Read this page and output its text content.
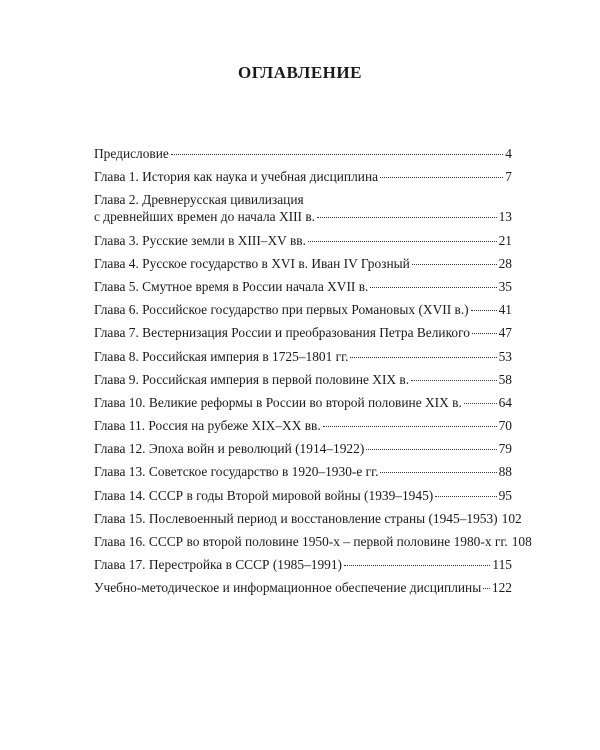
ОГЛАВЛЕНИЕ
Предисловие	4
Глава 1. История как наука и учебная дисциплина	7
Глава 2. Древнерусская цивилизация
с древнейших времен до начала XIII в.	13
Глава 3. Русские земли в XIII–XV вв.	21
Глава 4. Русское государство в XVI в. Иван IV Грозный	28
Глава 5. Смутное время в России начала XVII в.	35
Глава 6. Российское государство при первых Романовых (XVII в.) 41
Глава 7. Вестернизация России и преобразования Петра Великого 47
Глава 8. Российская империя в 1725–1801 гг.	53
Глава 9. Российская империя в первой половине XIX в.	58
Глава 10. Великие реформы в России во второй половине XIX в.	64
Глава 11. Россия на рубеже XIX–XX вв.	70
Глава 12. Эпоха войн и революций (1914–1922)	79
Глава 13. Советское государство в 1920–1930-е гг.	88
Глава 14. СССР в годы Второй мировой войны (1939–1945)	95
Глава 15. Послевоенный период и восстановление страны (1945–1953) 102
Глава 16. СССР во второй половине 1950-х – первой половине 1980-х гг. 108
Глава 17. Перестройка в СССР (1985–1991)	115
Учебно-методическое и информационное обеспечение дисциплины 122
